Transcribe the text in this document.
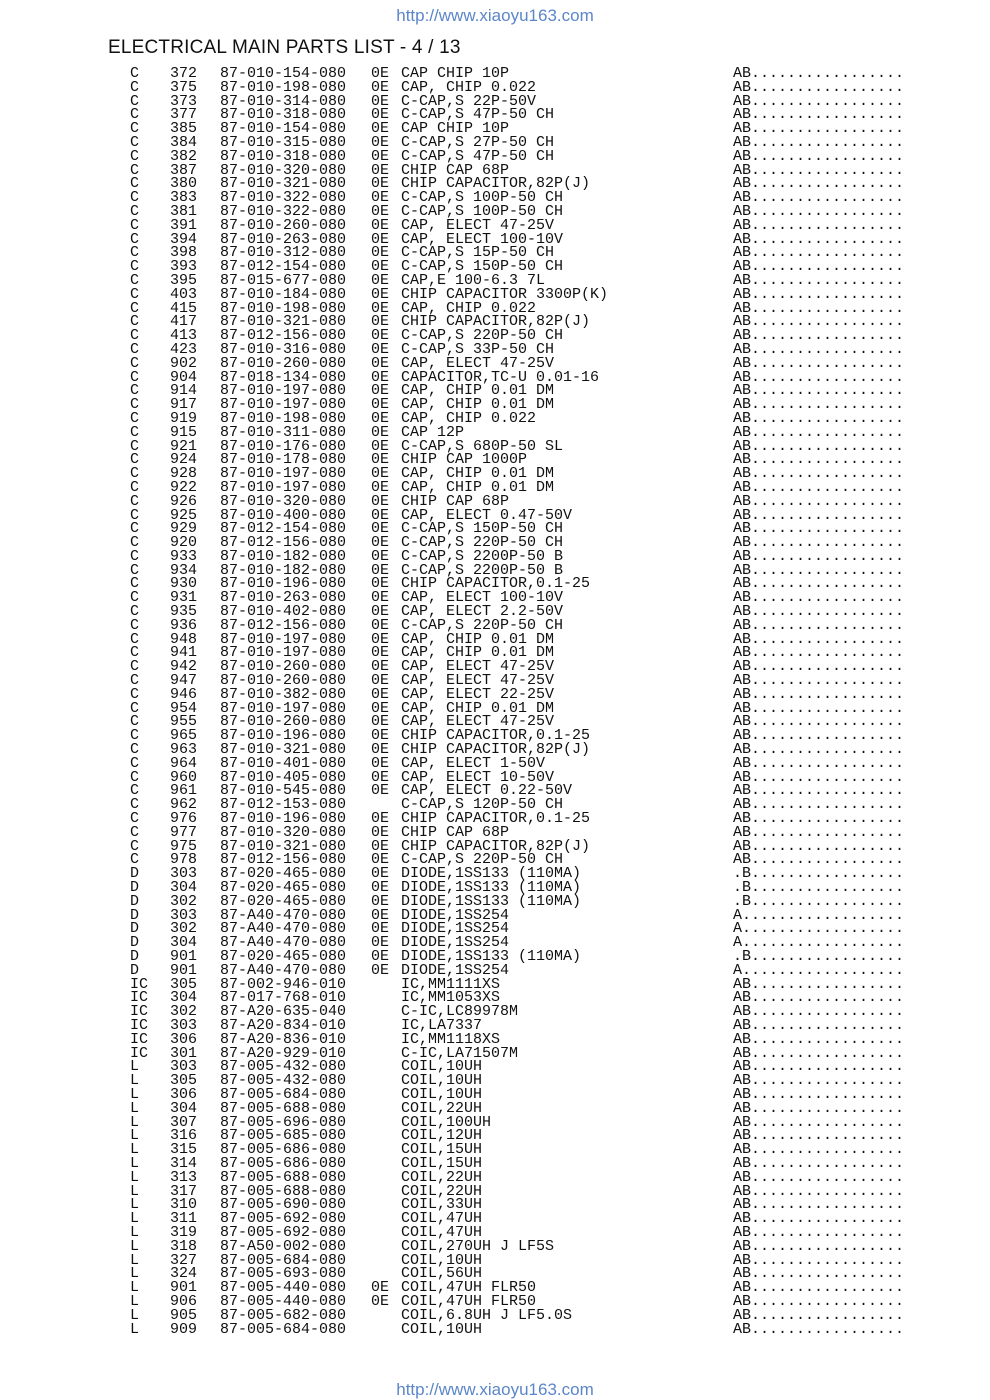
http://www.xiaoyu163.com
ELECTRICAL MAIN PARTS LIST - 4 / 13
C 372 87-010-154-080 0E CAP CHIP 10P	AB.................
C 375 87-010-198-080 0E CAP, CHIP 0.022	AB.................
C 373 87-010-314-080 0E C-CAP,S 22P-50V	AB.................
C 377 87-010-318-080 0E C-CAP,S 47P-50 CH	AB.................
C 385 87-010-154-080 0E CAP CHIP 10P	AB.................
C 384 87-010-315-080 0E C-CAP,S 27P-50 CH	AB.................
C 382 87-010-318-080 0E C-CAP,S 47P-50 CH	AB.................
C 387 87-010-320-080 0E CHIP CAP 68P	AB.................
C 380 87-010-321-080 0E CHIP CAPACITOR,82P(J)	AB.................
C 383 87-010-322-080 0E C-CAP,S 100P-50 CH	AB.................
C 381 87-010-322-080 0E C-CAP,S 100P-50 CH	AB.................
C 391 87-010-260-080 0E CAP, ELECT 47-25V	AB.................
C 394 87-010-263-080 0E CAP, ELECT 100-10V	AB.................
C 398 87-010-312-080 0E C-CAP,S 15P-50 CH	AB.................
C 393 87-012-154-080 0E C-CAP,S 150P-50 CH	AB.................
C 395 87-015-677-080 0E CAP,E 100-6.3 7L	AB.................
C 403 87-010-184-080 0E CHIP CAPACITOR 3300P(K)	AB.................
C 415 87-010-198-080 0E CAP, CHIP 0.022	AB.................
C 417 87-010-321-080 0E CHIP CAPACITOR,82P(J)	AB.................
C 413 87-012-156-080 0E C-CAP,S 220P-50 CH	AB.................
C 423 87-010-316-080 0E C-CAP,S 33P-50 CH	AB.................
C 902 87-010-260-080 0E CAP, ELECT 47-25V	AB.................
C 904 87-018-134-080 0E CAPACITOR,TC-U 0.01-16	AB.................
C 914 87-010-197-080 0E CAP, CHIP 0.01 DM	AB.................
C 917 87-010-197-080 0E CAP, CHIP 0.01 DM	AB.................
C 919 87-010-198-080 0E CAP, CHIP 0.022	AB.................
C 915 87-010-311-080 0E CAP 12P	AB.................
C 921 87-010-176-080 0E C-CAP,S 680P-50 SL	AB.................
C 924 87-010-178-080 0E CHIP CAP 1000P	AB.................
C 928 87-010-197-080 0E CAP, CHIP 0.01 DM	AB.................
C 922 87-010-197-080 0E CAP, CHIP 0.01 DM	AB.................
C 926 87-010-320-080 0E CHIP CAP 68P	AB.................
C 925 87-010-400-080 0E CAP, ELECT 0.47-50V	AB.................
C 929 87-012-154-080 0E C-CAP,S 150P-50 CH	AB.................
C 920 87-012-156-080 0E C-CAP,S 220P-50 CH	AB.................
C 933 87-010-182-080 0E C-CAP,S 2200P-50 B	AB.................
C 934 87-010-182-080 0E C-CAP,S 2200P-50 B	AB.................
C 930 87-010-196-080 0E CHIP CAPACITOR,0.1-25	AB.................
C 931 87-010-263-080 0E CAP, ELECT 100-10V	AB.................
C 935 87-010-402-080 0E CAP, ELECT 2.2-50V	AB.................
C 936 87-012-156-080 0E C-CAP,S 220P-50 CH	AB.................
C 948 87-010-197-080 0E CAP, CHIP 0.01 DM	AB.................
C 941 87-010-197-080 0E CAP, CHIP 0.01 DM	AB.................
C 942 87-010-260-080 0E CAP, ELECT 47-25V	AB.................
C 947 87-010-260-080 0E CAP, ELECT 47-25V	AB.................
C 946 87-010-382-080 0E CAP, ELECT 22-25V	AB.................
C 954 87-010-197-080 0E CAP, CHIP 0.01 DM	AB.................
C 955 87-010-260-080 0E CAP, ELECT 47-25V	AB.................
C 965 87-010-196-080 0E CHIP CAPACITOR,0.1-25	AB.................
C 963 87-010-321-080 0E CHIP CAPACITOR,82P(J)	AB.................
C 964 87-010-401-080 0E CAP, ELECT 1-50V	AB.................
C 960 87-010-405-080 0E CAP, ELECT 10-50V	AB.................
C 961 87-010-545-080 0E CAP, ELECT 0.22-50V	AB.................
C 962 87-012-153-080	C-CAP,S 120P-50 CH	AB.................
C 976 87-010-196-080 0E CHIP CAPACITOR,0.1-25	AB.................
C 977 87-010-320-080 0E CHIP CAP 68P	AB.................
C 975 87-010-321-080 0E CHIP CAPACITOR,82P(J)	AB.................
C 978 87-012-156-080 0E C-CAP,S 220P-50 CH	AB.................
D 303 87-020-465-080 0E DIODE,1SS133 (110MA)	.B.................
D 304 87-020-465-080 0E DIODE,1SS133 (110MA)	.B.................
D 302 87-020-465-080 0E DIODE,1SS133 (110MA)	.B.................
D 303 87-A40-470-080 0E DIODE,1SS254	A..................
D 302 87-A40-470-080 0E DIODE,1SS254	A..................
D 304 87-A40-470-080 0E DIODE,1SS254	A..................
D 901 87-020-465-080 0E DIODE,1SS133 (110MA)	.B.................
D 901 87-A40-470-080 0E DIODE,1SS254	A..................
IC 305 87-002-946-010	IC,MM1111XS	AB.................
IC 304 87-017-768-010	IC,MM1053XS	AB.................
IC 302 87-A20-635-040	C-IC,LC89978M	AB.................
IC 303 87-A20-834-010	IC,LA7337	AB.................
IC 306 87-A20-836-010	IC,MM1118XS	AB.................
IC 301 87-A20-929-010	C-IC,LA71507M	AB.................
L 303 87-005-432-080	COIL,10UH	AB.................
L 305 87-005-432-080	COIL,10UH	AB.................
L 306 87-005-684-080	COIL,10UH	AB.................
L 304 87-005-688-080	COIL,22UH	AB.................
L 307 87-005-696-080	COIL,100UH	AB.................
L 316 87-005-685-080	COIL,12UH	AB.................
L 315 87-005-686-080	COIL,15UH	AB.................
L 314 87-005-686-080	COIL,15UH	AB.................
L 313 87-005-688-080	COIL,22UH	AB.................
L 317 87-005-688-080	COIL,22UH	AB.................
L 310 87-005-690-080	COIL,33UH	AB.................
L 311 87-005-692-080	COIL,47UH	AB.................
L 319 87-005-692-080	COIL,47UH	AB.................
L 318 87-A50-002-080	COIL,270UH J LF5S	AB.................
L 327 87-005-684-080	COIL,10UH	AB.................
L 324 87-005-693-080	COIL,56UH	AB.................
L 901 87-005-440-080 0E COIL,47UH FLR50	AB.................
L 906 87-005-440-080 0E COIL,47UH FLR50	AB.................
L 905 87-005-682-080	COIL,6.8UH J LF5.0S	AB.................
L 909 87-005-684-080	COIL,10UH	AB.................
http://www.xiaoyu163.com
